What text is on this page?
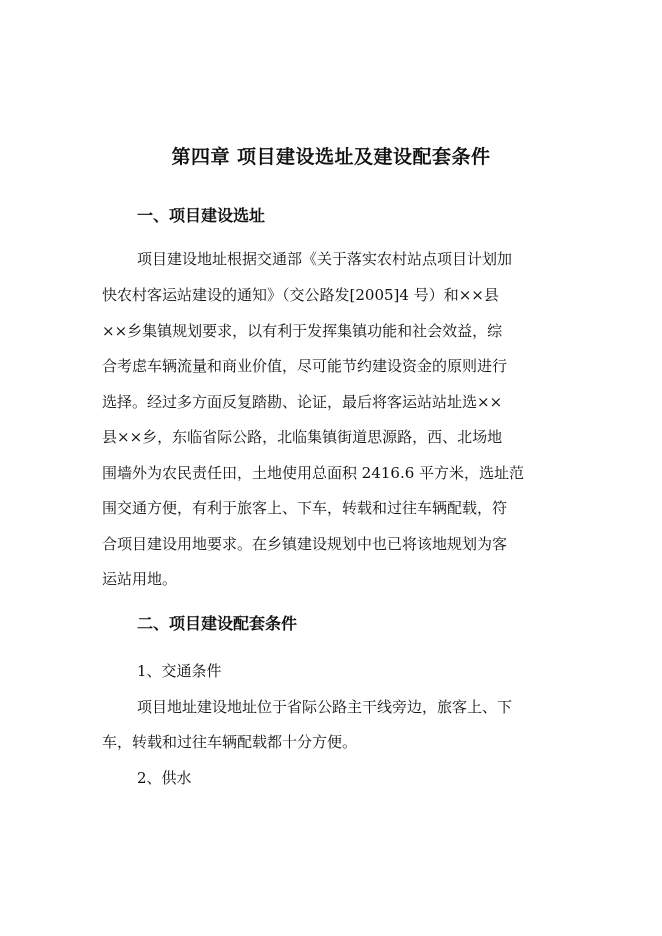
第四章 项目建设选址及建设配套条件
一、项目建设选址
项目建设地址根据交通部《关于落实农村站点项目计划加
快农村客运站建设的通知》（交公路发[2005]4 号）和××县
××乡集镇规划要求，以有利于发挥集镇功能和社会效益，综
合考虑车辆流量和商业价值，尽可能节约建设资金的原则进行
选择。经过多方面反复踏勘、论证，最后将客运站站址选××
县××乡，东临省际公路，北临集镇街道思源路，西、北场地
围墙外为农民责任田，土地使用总面积 2416.6 平方米，选址范
围交通方便，有利于旅客上、下车，转载和过往车辆配载，符
合项目建设用地要求。在乡镇建设规划中也已将该地规划为客
运站用地。
二、项目建设配套条件
1、交通条件
项目地址建设地址位于省际公路主干线旁边，旅客上、下
车，转载和过往车辆配载都十分方便。
2、供水
